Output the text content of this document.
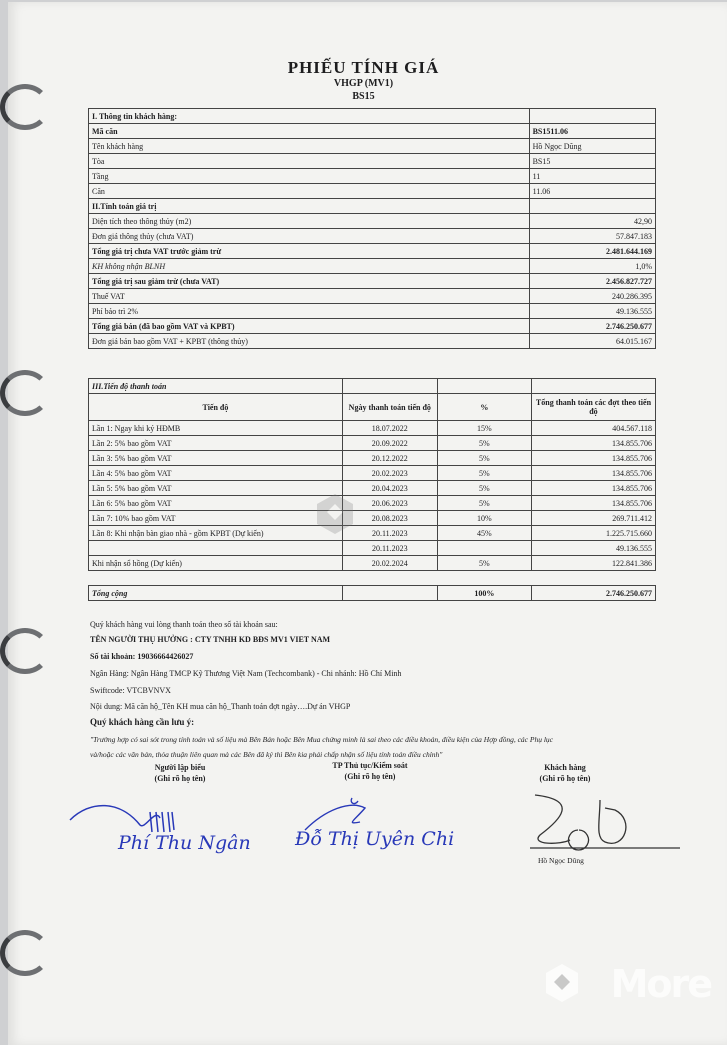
PHIẾU TÍNH GIÁ
VHGP (MV1)
BS15
I. Thông tin khách hàng:	
Mã căn	BS1511.06
Tên khách hàng	Hồ Ngọc Dũng
Tòa	BS15
Tầng	11
Căn	11.06
II.Tính toán giá trị	
Diện tích theo thông thủy (m2)	42,90
Đơn giá thông thủy (chưa VAT)	57.847.183
Tổng giá trị chưa VAT trước giảm trừ	2.481.644.169
KH không nhận BLNH	1,0%
Tổng giá trị sau giảm trừ (chưa VAT)	2.456.827.727
Thuế VAT	240.286.395
Phí bảo trì 2%	49.136.555
Tổng giá bán (đã bao gồm VAT và KPBT)	2.746.250.677
Đơn giá bán bao gồm VAT + KPBT (thông thủy)	64.015.167
III.Tiến độ thanh toán			
Tiến độ	Ngày thanh toán tiến độ	%	Tổng thanh toán các đợt theo tiến độ
Lần 1: Ngay khi ký HĐMB	18.07.2022	15%	404.567.118
Lần 2: 5% bao gồm VAT	20.09.2022	5%	134.855.706
Lần 3: 5% bao gồm VAT	20.12.2022	5%	134.855.706
Lần 4: 5% bao gồm VAT	20.02.2023	5%	134.855.706
Lần 5: 5% bao gồm VAT	20.04.2023	5%	134.855.706
Lần 6: 5% bao gồm VAT	20.06.2023	5%	134.855.706
Lần 7: 10% bao gồm VAT	20.08.2023	10%	269.711.412
Lần 8: Khi nhận bàn giao nhà - gồm KPBT (Dự kiến)	20.11.2023	45%	1.225.715.660
	20.11.2023		49.136.555
Khi nhận sổ hồng (Dự kiến)	20.02.2024	5%	122.841.386

Tổng cộng		100%	2.746.250.677
Quý khách hàng vui lòng thanh toán theo số tài khoản sau:
TÊN NGƯỜI THỤ HƯỞNG : CTY TNHH KD BĐS MV1 VIET NAM
Số tài khoản: 19036664426027
Ngân Hàng: Ngân Hàng TMCP Kỹ Thương Việt Nam (Techcombank) - Chi nhánh: Hồ Chí Minh
Swiftcode: VTCBVNVX
Nội dung: Mã căn hộ_Tên KH mua căn hộ_Thanh toán đợt ngày….Dự án VHGP
Quý khách hàng cần lưu ý:
"Trường hợp có sai sót trong tính toán và số liệu mà Bên Bán hoặc Bên Mua chứng minh là sai theo các điều khoản, điều kiện của Hợp đồng, các Phụ lục
và/hoặc các văn bản, thỏa thuận liên quan mà các Bên đã ký thì Bên kia phải chấp nhận số liệu tính toán điều chỉnh"
Người lập biểu
(Ghi rõ họ tên)
TP Thủ tục/Kiểm soát
(Ghi rõ họ tên)
Khách hàng
(Ghi rõ họ tên)
Phí Thu Ngân Đỗ Thị Uyên Chi
Hồ Ngọc Dũng
More
